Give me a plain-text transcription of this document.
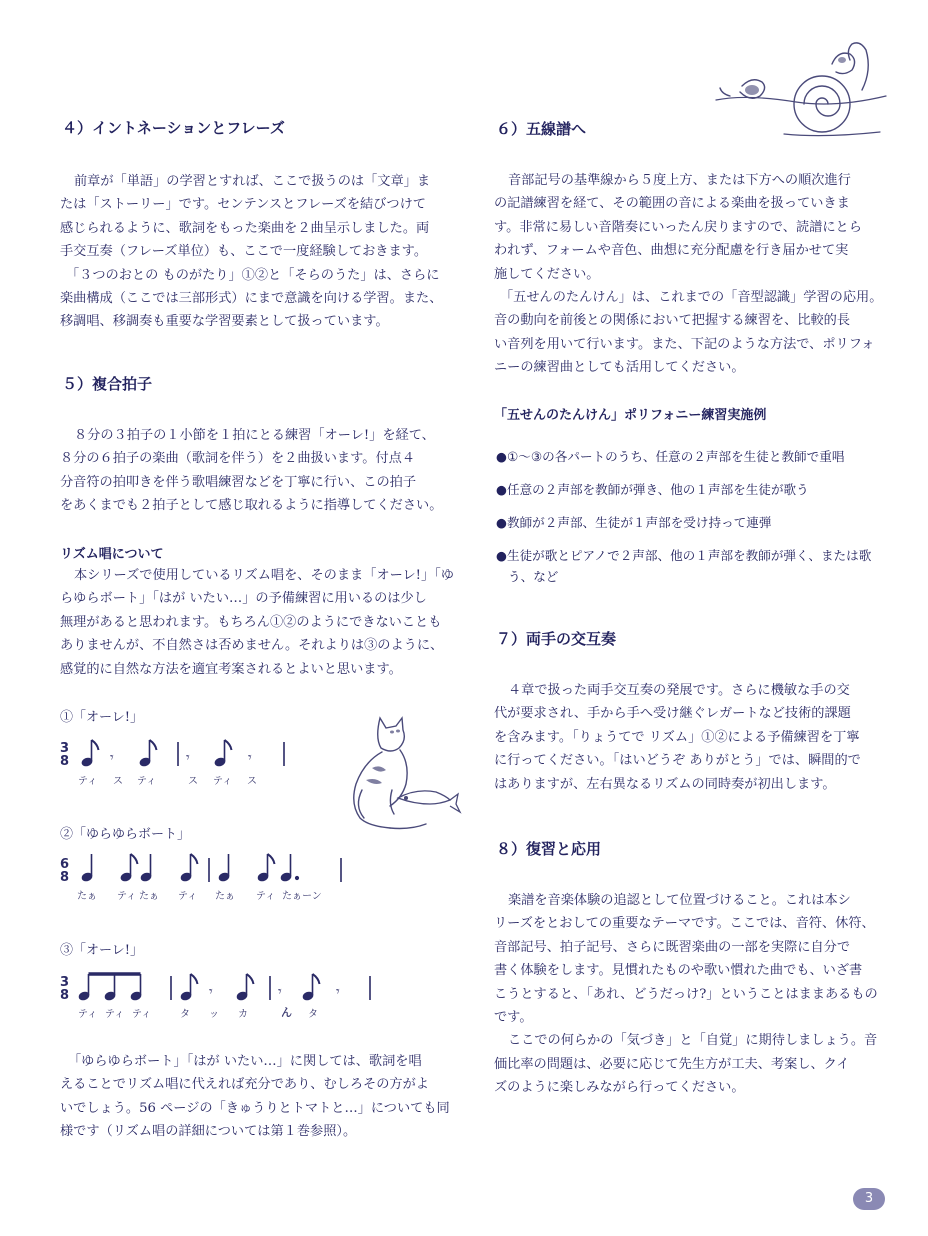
４）イントネーションとフレーズ
前章が「単語」の学習とすれば、ここで扱うのは「文章」ま
たは「ストーリー」です。センテンスとフレーズを結びつけて
感じられるように、歌詞をもった楽曲を２曲呈示しました。両
手交互奏（フレーズ単位）も、ここで一度経験しておきます。
「３つのおとの ものがたり」①②と「そらのうた」は、さらに
楽曲構成（ここでは三部形式）にまで意識を向ける学習。また、
移調唱、移調奏も重要な学習要素として扱っています。
５）複合拍子
８分の３拍子の１小節を１拍にとる練習「オーレ!」を経て、
８分の６拍子の楽曲（歌詞を伴う）を２曲扱います。付点４
分音符の拍叩きを伴う歌唱練習などを丁寧に行い、この拍子
をあくまでも２拍子として感じ取れるように指導してください。
リズム唱について
本シリーズで使用しているリズム唱を、そのまま「オーレ!」「ゆ
らゆらボート」「はが いたい…」の予備練習に用いるのは少し
無理があると思われます。もちろん①②のようにできないことも
ありませんが、不自然さは否めません。それよりは③のように、
感覚的に自然な方法を適宜考案されるとよいと思います。
①「オーレ!」
3
8	𝄾	𝄾	𝄾
ティ ス ティ	ス ティ ス
②「ゆらゆらボート」
6
8
たぁ ティ たぁ ティ たぁ ティ たぁーン
③「オーレ!」
3
8	𝄾	𝄾	𝄾
ティ ティ ティ	タ ッ カ	ん タ
「ゆらゆらボート」「はが いたい…」に関しては、歌詞を唱
えることでリズム唱に代えれば充分であり、むしろその方がよ
いでしょう。56 ページの「きゅうりとトマトと…」についても同
様です（リズム唱の詳細については第１巻参照）。
６）五線譜へ
音部記号の基準線から５度上方、または下方への順次進行
の記譜練習を経て、その範囲の音による楽曲を扱っていきま
す。非常に易しい音階奏にいったん戻りますので、読譜にとら
われず、フォームや音色、曲想に充分配慮を行き届かせて実
施してください。
「五せんのたんけん」は、これまでの「音型認識」学習の応用。
音の動向を前後との関係において把握する練習を、比較的長
い音列を用いて行います。また、下記のような方法で、ポリフォ
ニーの練習曲としても活用してください。
「五せんのたんけん」ポリフォニー練習実施例
●①～③の各パートのうち、任意の２声部を生徒と教師で重唱
●任意の２声部を教師が弾き、他の１声部を生徒が歌う
●教師が２声部、生徒が１声部を受け持って連弾
●生徒が歌とピアノで２声部、他の１声部を教師が弾く、または歌
う、など
７）両手の交互奏
４章で扱った両手交互奏の発展です。さらに機敏な手の交
代が要求され、手から手へ受け継ぐレガートなど技術的課題
を含みます。「りょうてで リズム」①②による予備練習を丁寧
に行ってください。「はいどうぞ ありがとう」では、瞬間的で
はありますが、左右異なるリズムの同時奏が初出します。
８）復習と応用
楽譜を音楽体験の追認として位置づけること。これは本シ
リーズをとおしての重要なテーマです。ここでは、音符、休符、
音部記号、拍子記号、さらに既習楽曲の一部を実際に自分で
書く体験をします。見慣れたものや歌い慣れた曲でも、いざ書
こうとすると、「あれ、どうだっけ?」ということはままあるもの
です。
ここでの何らかの「気づき」と「自覚」に期待しましょう。音
価比率の問題は、必要に応じて先生方が工夫、考案し、クイ
ズのように楽しみながら行ってください。
3
